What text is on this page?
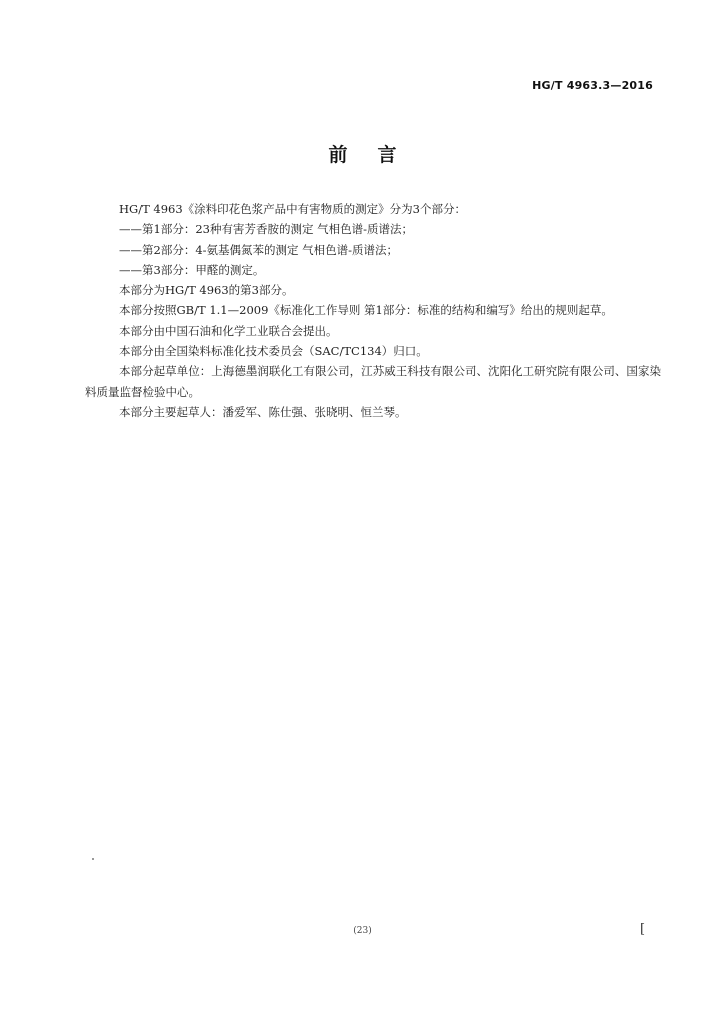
HG/T 4963.3—2016
前 言

HG/T 4963《涂料印花色浆产品中有害物质的测定》分为3个部分：

——第1部分：23种有害芳香胺的测定 气相色谱-质谱法；

——第2部分：4-氨基偶氮苯的测定 气相色谱-质谱法；

——第3部分：甲醛的测定。

本部分为HG/T 4963的第3部分。

本部分按照GB/T 1.1—2009《标准化工作导则 第1部分：标准的结构和编写》给出的规则起草。

本部分由中国石油和化学工业联合会提出。

本部分由全国染料标准化技术委员会（SAC/TC134）归口。

本部分起草单位：上海德墨润联化工有限公司，江苏威王科技有限公司、沈阳化工研究院有限公司、国家染料质量监督检验中心。

本部分主要起草人：潘爱军、陈仕强、张晓明、恒兰琴。

(23)	[
